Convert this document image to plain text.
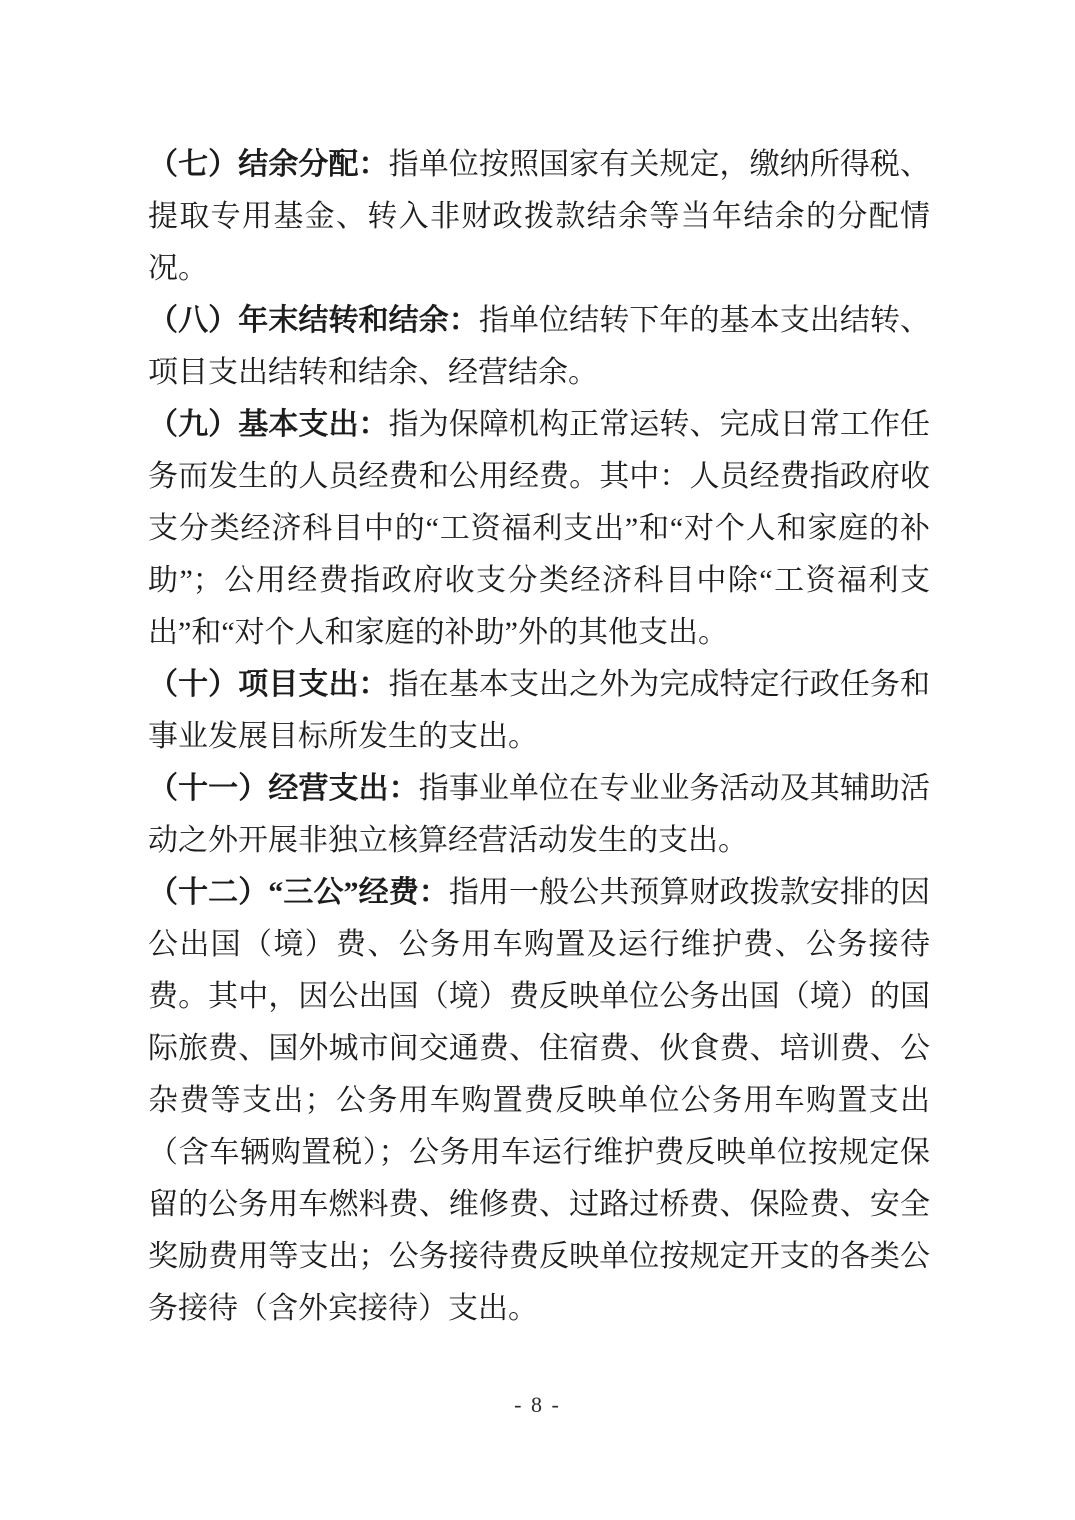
（七）结余分配：指单位按照国家有关规定，缴纳所得税、提取专用基金、转入非财政拨款结余等当年结余的分配情况。

（八）年末结转和结余：指单位结转下年的基本支出结转、项目支出结转和结余、经营结余。

（九）基本支出：指为保障机构正常运转、完成日常工作任务而发生的人员经费和公用经费。其中：人员经费指政府收支分类经济科目中的“工资福利支出”和“对个人和家庭的补助”；公用经费指政府收支分类经济科目中除“工资福利支出”和“对个人和家庭的补助”外的其他支出。

（十）项目支出：指在基本支出之外为完成特定行政任务和事业发展目标所发生的支出。

（十一）经营支出：指事业单位在专业业务活动及其辅助活动之外开展非独立核算经营活动发生的支出。

（十二）“三公”经费：指用一般公共预算财政拨款安排的因公出国（境）费、公务用车购置及运行维护费、公务接待费。其中，因公出国（境）费反映单位公务出国（境）的国际旅费、国外城市间交通费、住宿费、伙食费、培训费、公杂费等支出；公务用车购置费反映单位公务用车购置支出（含车辆购置税）；公务用车运行维护费反映单位按规定保留的公务用车燃料费、维修费、过路过桥费、保险费、安全奖励费用等支出；公务接待费反映单位按规定开支的各类公务接待（含外宾接待）支出。

- 8 -
